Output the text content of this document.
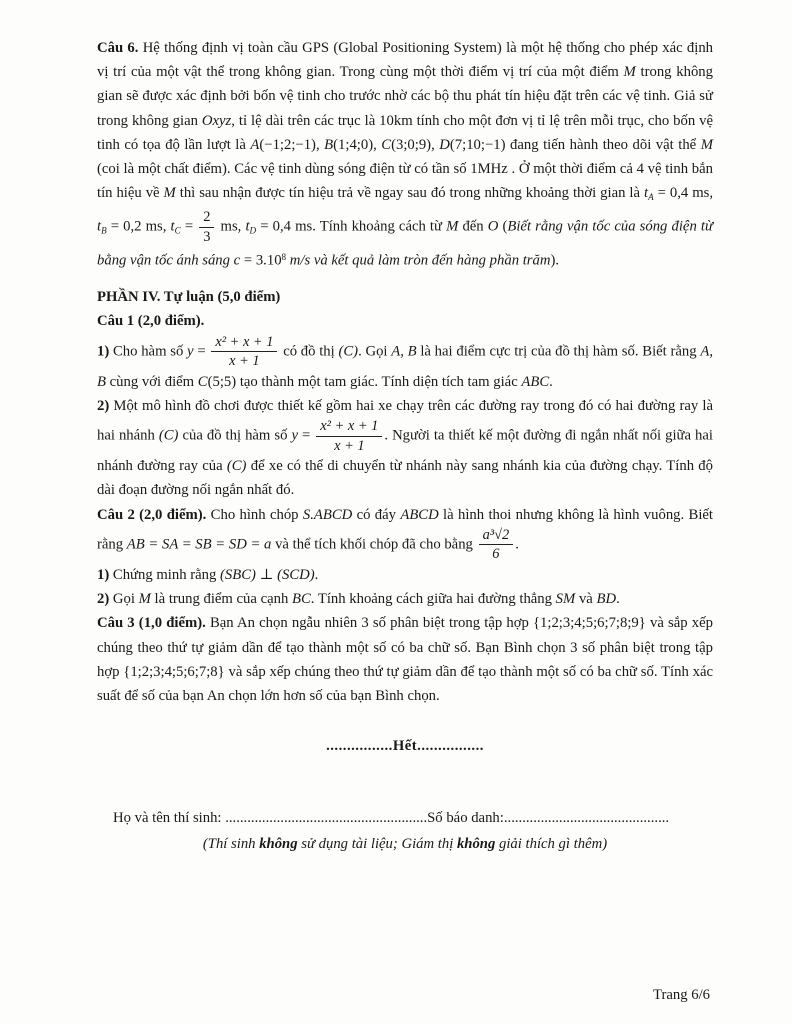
Câu 6. Hệ thống định vị toàn cầu GPS (Global Positioning System) là một hệ thống cho phép xác định vị trí của một vật thể trong không gian. Trong cùng một thời điểm vị trí của một điểm M trong không gian sẽ được xác định bởi bốn vệ tinh cho trước nhờ các bộ thu phát tín hiệu đặt trên các vệ tinh. Giả sử trong không gian Oxyz, tỉ lệ dài trên các trục là 10km tính cho một đơn vị tỉ lệ trên mỗi trục, cho bốn vệ tinh có tọa độ lần lượt là A(−1;2;−1), B(1;4;0), C(3;0;9), D(7;10;−1) đang tiến hành theo dõi vật thể M (coi là một chất điểm). Các vệ tinh dùng sóng điện từ có tần số 1MHz . Ở một thời điểm cả 4 vệ tinh bắn tín hiệu về M thì sau nhận được tín hiệu trả về ngay sau đó trong những khoảng thời gian là $t_A = 0,4$ ms, $t_B = 0,2$ ms, $t_C = \frac{2}{3}$ ms, $t_D = 0,4$ ms. Tính khoảng cách từ M đến O (Biết rằng vận tốc của sóng điện từ bằng vận tốc ánh sáng $c = 3.10^8$ m/s và kết quả làm tròn đến hàng phần trăm).
PHẦN IV. Tự luận (5,0 điểm)
Câu 1 (2,0 điểm).
1) Cho hàm số $y = \frac{\text{x² + x + 1}}{x + 1}$ có đồ thị (C). Gọi A, B là hai điểm cực trị của đồ thị hàm số. Biết rằng A, B cùng với điểm C(5;5) tạo thành một tam giác. Tính diện tích tam giác ABC.
2) Một mô hình đồ chơi được thiết kế gồm hai xe chạy trên các đường ray trong đó có hai đường ray là hai nhánh (C) của đồ thị hàm số $y = \frac{\text{x² + x + 1}}{x + 1}$ . Người ta thiết kế một đường đi ngắn nhất nối giữa hai nhánh đường ray của (C) để xe có thể di chuyển từ nhánh này sang nhánh kia của đường chạy. Tính độ dài đoạn đường nối ngắn nhất đó.
Câu 2 (2,0 điểm). Cho hình chóp S.ABCD có đáy ABCD là hình thoi nhưng không là hình vuông. Biết rằng AB = SA = SB = SD = a và thể tích khối chóp đã cho bằng $\frac{\text{a³√2}}{6}$ .
1) Chứng minh rằng (SBC) ⊥ (SCD).
2) Gọi M là trung điểm của cạnh BC. Tính khoảng cách giữa hai đường thẳng SM và BD.
Câu 3 (1,0 điểm). Bạn An chọn ngẫu nhiên 3 số phân biệt trong tập hợp {1;2;3;4;5;6;7;8;9} và sắp xếp chúng theo thứ tự giảm dần để tạo thành một số có ba chữ số. Bạn Bình chọn 3 số phân biệt trong tập hợp {1;2;3;4;5;6;7;8} và sắp xếp chúng theo thứ tự giảm dần để tạo thành một số có ba chữ số. Tính xác suất để số của bạn An chọn lớn hơn số của bạn Bình chọn.
................Hết................
Họ và tên thí sinh: .......................................................Số báo danh:.............................................
(Thí sinh không sử dụng tài liệu; Giám thị không giải thích gì thêm)
Trang 6/6
